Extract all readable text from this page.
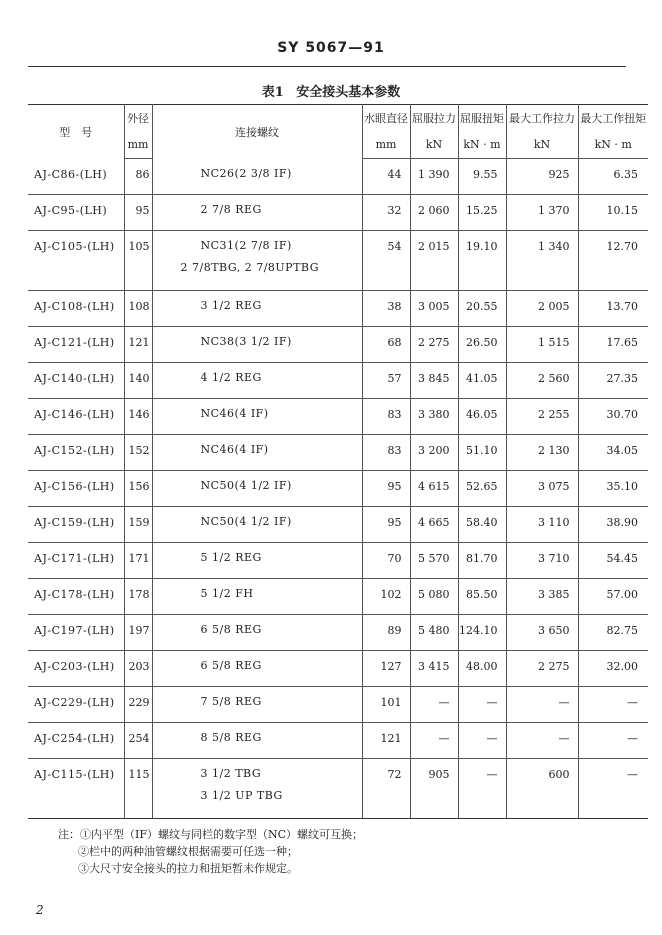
SY 5067—91
表1 安全接头基本参数
型　号	外径	连接螺纹	水眼直径	屈服拉力	屈服扭矩	最大工作拉力	最大工作扭矩
	mm		mm	kN	kN · m	kN	kN · m
AJ-C86-(LH)	86	NC26(2 3/8 IF)	44	1 390	9.55	925	6.35
AJ-C95-(LH)	95	2 7/8 REG	32	2 060	15.25	1 370	10.15
AJ-C105-(LH)	105	NC31(2 7/8 IF)
2 7/8TBG, 2 7/8UPTBG	54	2 015	19.10	1 340	12.70
AJ-C108-(LH)	108	3 1/2 REG	38	3 005	20.55	2 005	13.70
AJ-C121-(LH)	121	NC38(3 1/2 IF)	68	2 275	26.50	1 515	17.65
AJ-C140-(LH)	140	4 1/2 REG	57	3 845	41.05	2 560	27.35
AJ-C146-(LH)	146	NC46(4 IF)	83	3 380	46.05	2 255	30.70
AJ-C152-(LH)	152	NC46(4 IF)	83	3 200	51.10	2 130	34.05
AJ-C156-(LH)	156	NC50(4 1/2 IF)	95	4 615	52.65	3 075	35.10
AJ-C159-(LH)	159	NC50(4 1/2 IF)	95	4 665	58.40	3 110	38.90
AJ-C171-(LH)	171	5 1/2 REG	70	5 570	81.70	3 710	54.45
AJ-C178-(LH)	178	5 1/2 FH	102	5 080	85.50	3 385	57.00
AJ-C197-(LH)	197	6 5/8 REG	89	5 480	124.10	3 650	82.75
AJ-C203-(LH)	203	6 5/8 REG	127	3 415	48.00	2 275	32.00
AJ-C229-(LH)	229	7 5/8 REG	101	—	—	—	—
AJ-C254-(LH)	254	8 5/8 REG	121	—	—	—	—
AJ-C115-(LH)	115	3 1/2 TBG
3 1/2 UP TBG	72	905	—	600	—
注：①内平型（IF）螺纹与同栏的数字型（NC）螺纹可互换；
②栏中的两种油管螺纹根据需要可任选一种；
③大尺寸安全接头的拉力和扭矩暂未作规定。
2
